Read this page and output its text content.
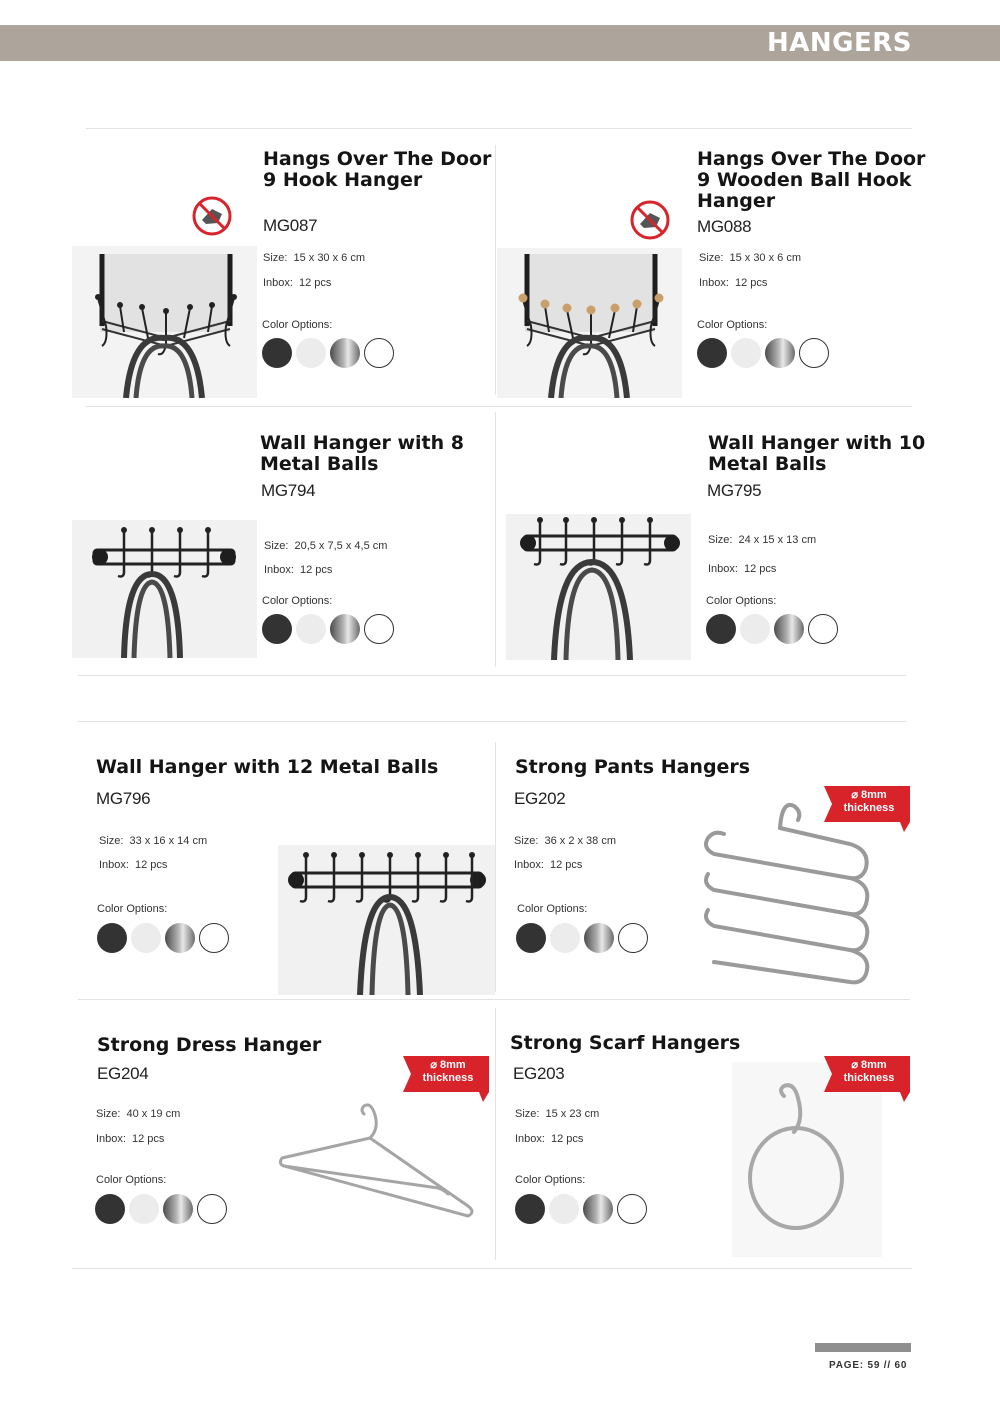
HANGERS
Hangs Over The Door
9 Hook Hanger
MG087
Size: 15 x 30 x 6 cm
Inbox: 12 pcs
Color Options:
Hangs Over The Door
9 Wooden Ball Hook
Hanger
MG088
Size: 15 x 30 x 6 cm
Inbox: 12 pcs
Color Options:
Wall Hanger with 8
Metal Balls
MG794
Size: 20,5 x 7,5 x 4,5 cm
Inbox: 12 pcs
Color Options:
Wall Hanger with 10
Metal Balls
MG795
Size: 24 x 15 x 13 cm
Inbox: 12 pcs
Color Options:
Wall Hanger with 12 Metal Balls
MG796
Size: 33 x 16 x 14 cm
Inbox: 12 pcs
Color Options:
Strong Pants Hangers
EG202
Size: 36 x 2 x 38 cm
Inbox: 12 pcs
Color Options:
⌀ 8mm
thickness
Strong Dress Hanger
EG204
Size: 40 x 19 cm
Inbox: 12 pcs
Color Options:
⌀ 8mm
thickness
Strong Scarf Hangers
EG203
Size: 15 x 23 cm
Inbox: 12 pcs
Color Options:
⌀ 8mm
thickness
PAGE: 59 // 60
